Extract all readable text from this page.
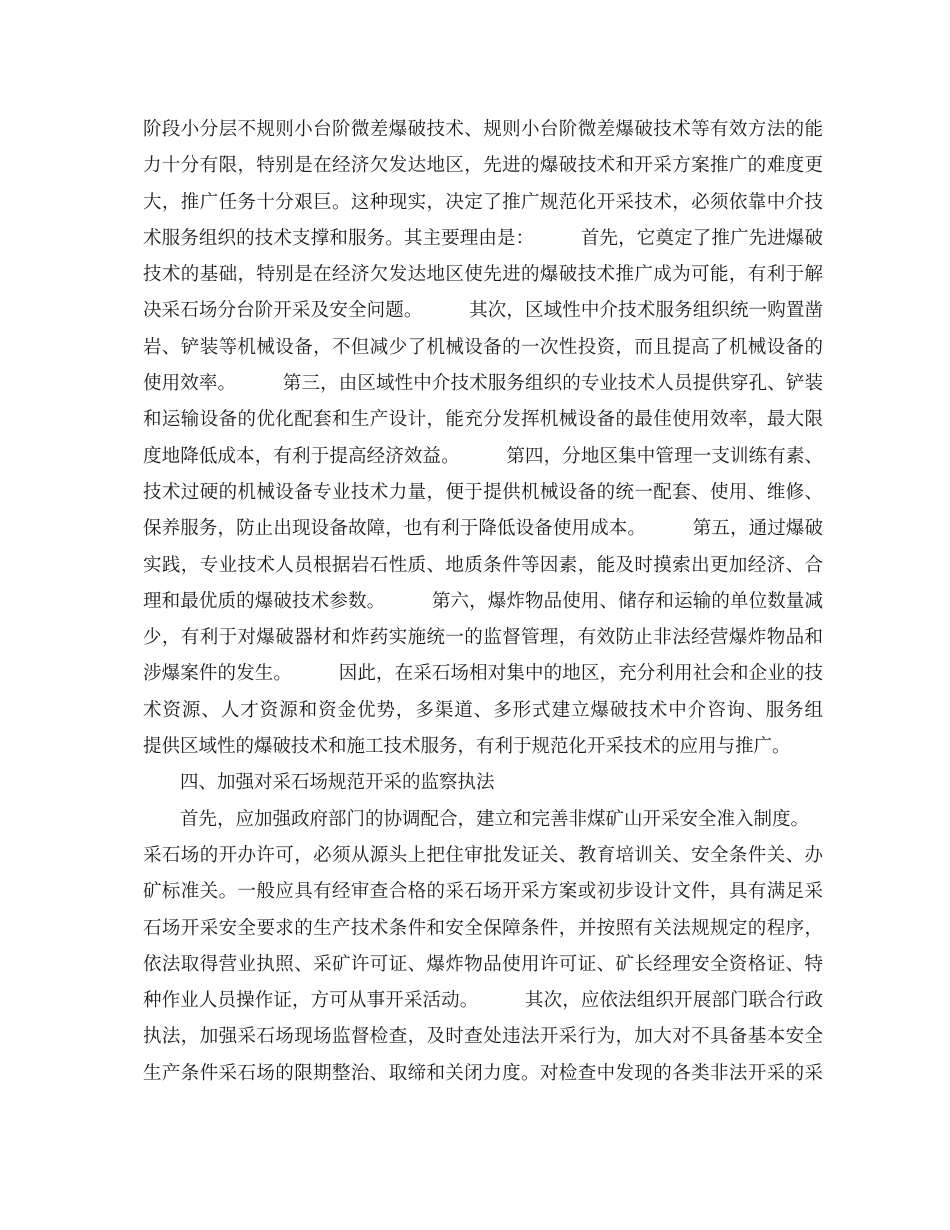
阶段小分层不规则小台阶微差爆破技术、规则小台阶微差爆破技术等有效方法的能
力十分有限，特别是在经济欠发达地区，先进的爆破技术和开采方案推广的难度更
大，推广任务十分艰巨。这种现实，决定了推广规范化开采技术，必须依靠中介技
术服务组织的技术支撑和服务。其主要理由是：　　　首先，它奠定了推广先进爆破
技术的基础，特别是在经济欠发达地区使先进的爆破技术推广成为可能，有利于解
决采石场分台阶开采及安全问题。　　　其次，区域性中介技术服务组织统一购置凿
岩、铲装等机械设备，不但减少了机械设备的一次性投资，而且提高了机械设备的
使用效率。　　　第三，由区域性中介技术服务组织的专业技术人员提供穿孔、铲装
和运输设备的优化配套和生产设计，能充分发挥机械设备的最佳使用效率，最大限
度地降低成本，有利于提高经济效益。　　　第四，分地区集中管理一支训练有素、
技术过硬的机械设备专业技术力量，便于提供机械设备的统一配套、使用、维修、
保养服务，防止出现设备故障，也有利于降低设备使用成本。　　　第五，通过爆破
实践，专业技术人员根据岩石性质、地质条件等因素，能及时摸索出更加经济、合
理和最优质的爆破技术参数。　　　第六，爆炸物品使用、储存和运输的单位数量减
少，有利于对爆破器材和炸药实施统一的监督管理，有效防止非法经营爆炸物品和
涉爆案件的发生。　　　因此，在采石场相对集中的地区，充分利用社会和企业的技
术资源、人才资源和资金优势，多渠道、多形式建立爆破技术中介咨询、服务组
提供区域性的爆破技术和施工技术服务，有利于规范化开采技术的应用与推广。
　　四、加强对采石场规范开采的监察执法
　　首先，应加强政府部门的协调配合，建立和完善非煤矿山开采安全准入制度。
采石场的开办许可，必须从源头上把住审批发证关、教育培训关、安全条件关、办
矿标准关。一般应具有经审查合格的采石场开采方案或初步设计文件，具有满足采
石场开采安全要求的生产技术条件和安全保障条件，并按照有关法规规定的程序，
依法取得营业执照、采矿许可证、爆炸物品使用许可证、矿长经理安全资格证、特
种作业人员操作证，方可从事开采活动。　　　其次，应依法组织开展部门联合行政
执法，加强采石场现场监督检查，及时查处违法开采行为，加大对不具备基本安全
生产条件采石场的限期整治、取缔和关闭力度。对检查中发现的各类非法开采的采
